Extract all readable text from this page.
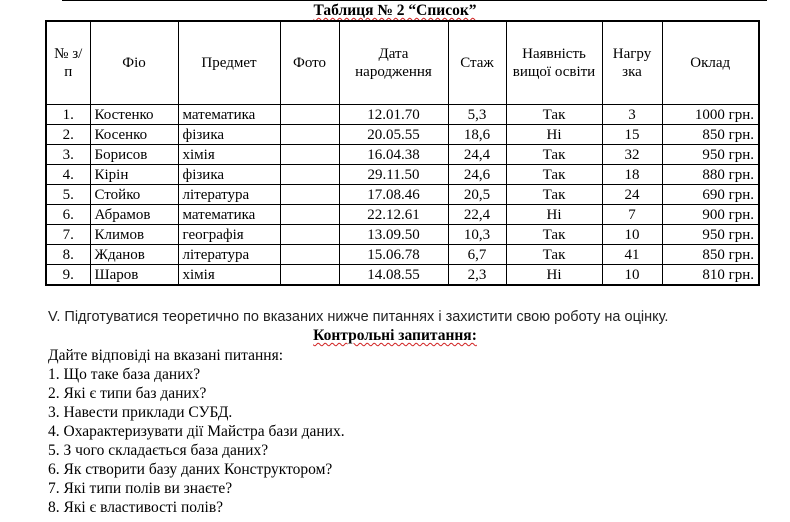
Таблиця № 2 “Список”
№ з/п	Фіо	Предмет	Фото	Дата народження	Стаж	Наявність вищої освіти	Нагру зка	Оклад
1.	Костенко	математика		12.01.70	5,3	Так	3	1000 грн.
2.	Косенко	фізика		20.05.55	18,6	Ні	15	850 грн.
3.	Борисов	хімія		16.04.38	24,4	Так	32	950 грн.
4.	Кірін	фізика		29.11.50	24,6	Так	18	880 грн.
5.	Стойко	література		17.08.46	20,5	Так	24	690 грн.
6.	Абрамов	математика		22.12.61	22,4	Ні	7	900 грн.
7.	Климов	географія		13.09.50	10,3	Так	10	950 грн.
8.	Жданов	література		15.06.78	6,7	Так	41	850 грн.
9.	Шаров	хімія		14.08.55	2,3	Ні	10	810 грн.
V. Підготуватися теоретично по вказаних нижче питаннях і захистити свою роботу на оцінку.
Контрольні запитання:
Дайте відповіді на вказані питання:
1. Що таке база даних?
2. Які є типи баз даних?
3. Навести приклади СУБД.
4. Охарактеризувати дії Майстра бази даних.
5. З чого складається база даних?
6. Як створити базу даних Конструктором?
7. Які типи полів ви знаєте?
8. Які є властивості полів?
